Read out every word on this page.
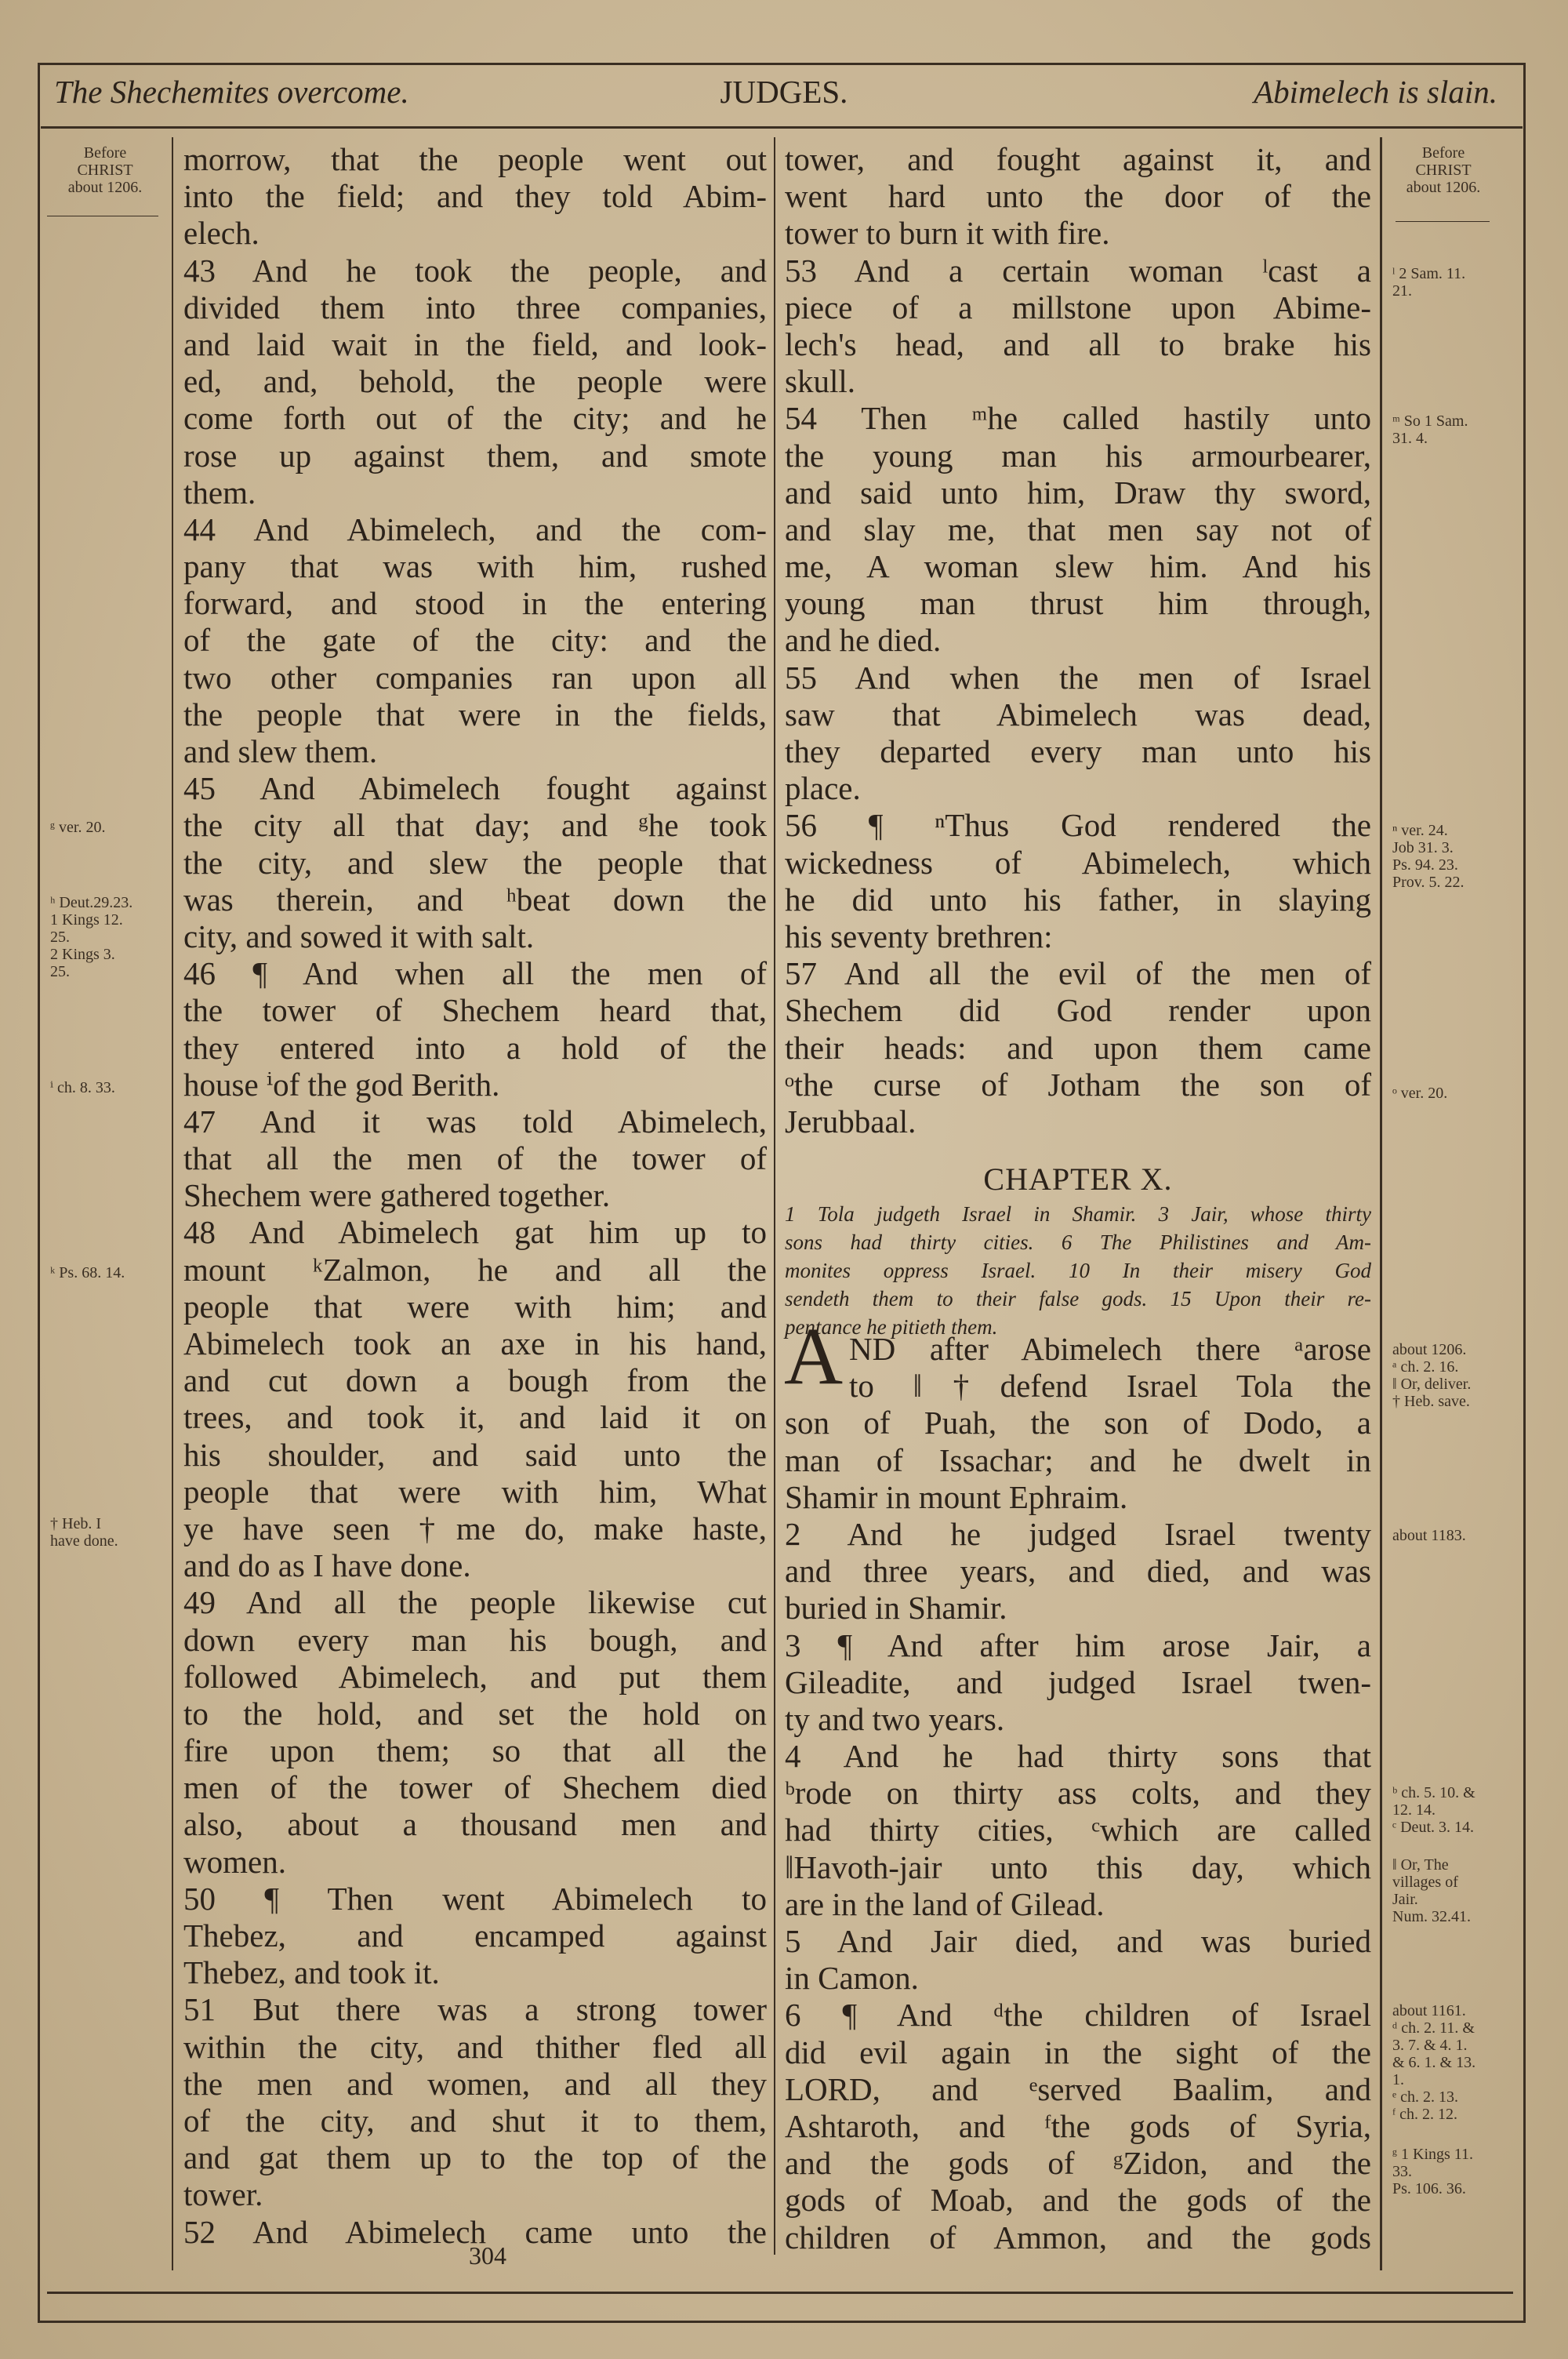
The Shechemites overcome.	JUDGES.	Abimelech is slain.
morrow, that the people went out
into the field; and they told Abim-
elech.
43 And he took the people, and
divided them into three companies,
and laid wait in the field, and look-
ed, and, behold, the people were
come forth out of the city; and he
rose up against them, and smote
them.
44 And Abimelech, and the com-
pany that was with him, rushed
forward, and stood in the entering
of the gate of the city: and the
two other companies ran upon all
the people that were in the fields,
and slew them.
45 And Abimelech fought against
the city all that day; and ᵍhe took
the city, and slew the people that
was therein, and ʰbeat down the
city, and sowed it with salt.
46 ¶ And when all the men of
the tower of Shechem heard that,
they entered into a hold of the
house ⁱof the god Berith.
47 And it was told Abimelech,
that all the men of the tower of
Shechem were gathered together.
48 And Abimelech gat him up to
mount ᵏZalmon, he and all the
people that were with him; and
Abimelech took an axe in his hand,
and cut down a bough from the
trees, and took it, and laid it on
his shoulder, and said unto the
people that were with him, What
ye have seen †me do, make haste,
and do as I have done.
49 And all the people likewise cut
down every man his bough, and
followed Abimelech, and put them
to the hold, and set the hold on
fire upon them; so that all the
men of the tower of Shechem died
also, about a thousand men and
women.
50 ¶ Then went Abimelech to
Thebez, and encamped against
Thebez, and took it.
51 But there was a strong tower
within the city, and thither fled all
the men and women, and all they
of the city, and shut it to them,
and gat them up to the top of the
tower.
52 And Abimelech came unto the
tower, and fought against it, and
went hard unto the door of the
tower to burn it with fire.
53 And a certain woman ˡcast a
piece of a millstone upon Abime-
lech's head, and all to brake his
skull.
54 Then ᵐhe called hastily unto
the young man his armourbearer,
and said unto him, Draw thy sword,
and slay me, that men say not of
me, A woman slew him. And his
young man thrust him through,
and he died.
55 And when the men of Israel
saw that Abimelech was dead,
they departed every man unto his
place.
56 ¶ ⁿThus God rendered the
wickedness of Abimelech, which
he did unto his father, in slaying
his seventy brethren:
57 And all the evil of the men of
Shechem did God render upon
their heads: and upon them came
ᵒthe curse of Jotham the son of
Jerubbaal.
CHAPTER X.
1 Tola judgeth Israel in Shamir. 3 Jair, whose thirty
sons had thirty cities. 6 The Philistines and Am-
monites oppress Israel. 10 In their misery God
sendeth them to their false gods. 15 Upon their re-
pentance he pitieth them.
A ND after Abimelech there ᵃarose
to ‖†defend Israel Tola the
son of Puah, the son of Dodo, a
man of Issachar; and he dwelt in
Shamir in mount Ephraim.
2 And he judged Israel twenty
and three years, and died, and was
buried in Shamir.
3 ¶ And after him arose Jair, a
Gileadite, and judged Israel twen-
ty and two years.
4 And he had thirty sons that
ᵇrode on thirty ass colts, and they
had thirty cities, ᶜwhich are called
‖Havoth-jair unto this day, which
are in the land of Gilead.
5 And Jair died, and was buried
in Camon.
6 ¶ And ᵈthe children of Israel
did evil again in the sight of the
LORD, and ᵉserved Baalim, and
Ashtaroth, and ᶠthe gods of Syria,
and the gods of ᵍZidon, and the
gods of Moab, and the gods of the
children of Ammon, and the gods
304
Before
CHRIST
about 1206.
ᵍ ver. 20.
ʰ Deut.29.23.
1 Kings 12.
25.
2 Kings 3.
25.
ⁱ ch. 8. 33.
ᵏ Ps. 68. 14.
† Heb. I
have done.
Before
CHRIST
about 1206.
ˡ 2 Sam. 11.
21.
ᵐ So 1 Sam.
31. 4.
ⁿ ver. 24.
Job 31. 3.
Ps. 94. 23.
Prov. 5. 22.
ᵒ ver. 20.
about 1206.
ᵃ ch. 2. 16.
‖ Or, deliver.
† Heb. save.
about 1183.
ᵇ ch. 5. 10. &
12. 14.
ᶜ Deut. 3. 14.
‖ Or, The
villages of
Jair.
Num. 32.41.
about 1161.
ᵈ ch. 2. 11. &
3. 7. & 4. 1.
& 6. 1. & 13.
1.
ᵉ ch. 2. 13.
ᶠ ch. 2. 12.
ᵍ 1 Kings 11.
33.
Ps. 106. 36.
